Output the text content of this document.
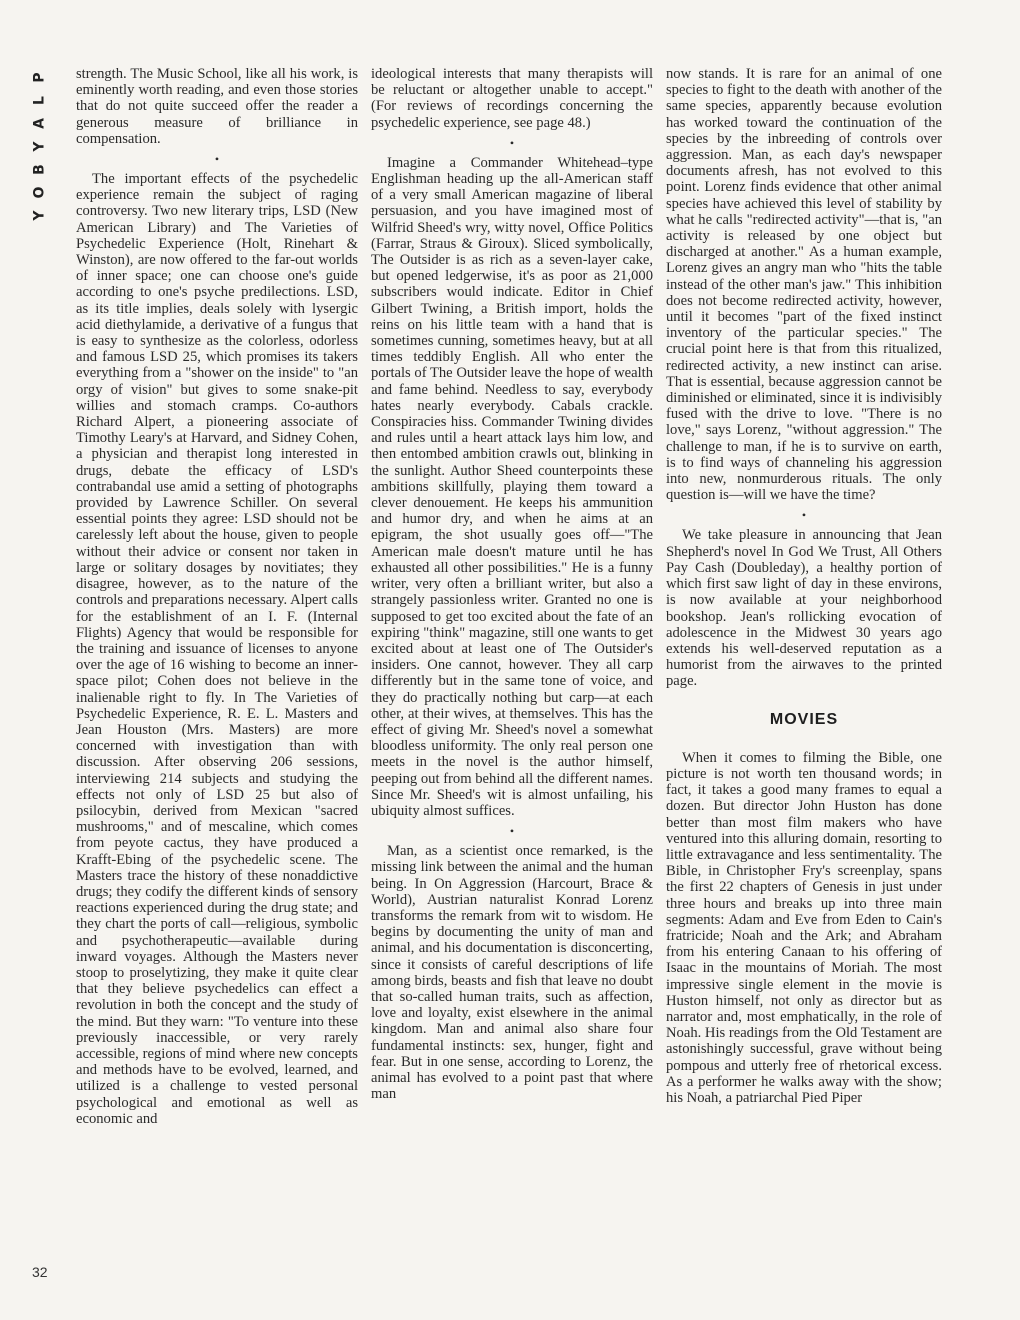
P
L
A
Y
B
O
Y

strength. The Music School, like all his work, is eminently worth reading, and even those stories that do not quite succeed offer the reader a generous measure of brilliance in compensation.

•

The important effects of the psychedelic experience remain the subject of raging controversy. Two new literary trips, LSD (New American Library) and The Varieties of Psychedelic Experience (Holt, Rinehart & Winston), are now offered to the far-out worlds of inner space; one can choose one's guide according to one's psyche predilections. LSD, as its title implies, deals solely with lysergic acid diethylamide, a derivative of a fungus that is easy to synthesize as the colorless, odorless and famous LSD 25, which promises its takers everything from a "shower on the inside" to "an orgy of vision" but gives to some snake-pit willies and stomach cramps. Co-authors Richard Alpert, a pioneering associate of Timothy Leary's at Harvard, and Sidney Cohen, a physician and therapist long interested in drugs, debate the efficacy of LSD's contrabandal use amid a setting of photographs provided by Lawrence Schiller. On several essential points they agree: LSD should not be carelessly left about the house, given to people without their advice or consent nor taken in large or solitary dosages by novitiates; they disagree, however, as to the nature of the controls and preparations necessary. Alpert calls for the establishment of an I. F. (Internal Flights) Agency that would be responsible for the training and issuance of licenses to anyone over the age of 16 wishing to become an inner-space pilot; Cohen does not believe in the inalienable right to fly. In The Varieties of Psychedelic Experience, R. E. L. Masters and Jean Houston (Mrs. Masters) are more concerned with investigation than with discussion. After observing 206 sessions, interviewing 214 subjects and studying the effects not only of LSD 25 but also of psilocybin, derived from Mexican "sacred mushrooms," and of mescaline, which comes from peyote cactus, they have produced a Krafft-Ebing of the psychedelic scene. The Masters trace the history of these nonaddictive drugs; they codify the different kinds of sensory reactions experienced during the drug state; and they chart the ports of call—religious, symbolic and psychotherapeutic—available during inward voyages. Although the Masters never stoop to proselytizing, they make it quite clear that they believe psychedelics can effect a revolution in both the concept and the study of the mind. But they warn: "To venture into these previously inaccessible, or very rarely accessible, regions of mind where new concepts and methods have to be evolved, learned, and utilized is a challenge to vested personal psychological and emotional as well as economic and

ideological interests that many therapists will be reluctant or altogether unable to accept." (For reviews of recordings concerning the psychedelic experience, see page 48.)

•

Imagine a Commander Whitehead–type Englishman heading up the all-American staff of a very small American magazine of liberal persuasion, and you have imagined most of Wilfrid Sheed's wry, witty novel, Office Politics (Farrar, Straus & Giroux). Sliced symbolically, The Outsider is as rich as a seven-layer cake, but opened ledgerwise, it's as poor as 21,000 subscribers would indicate. Editor in Chief Gilbert Twining, a British import, holds the reins on his little team with a hand that is sometimes cunning, sometimes heavy, but at all times teddibly English. All who enter the portals of The Outsider leave the hope of wealth and fame behind. Needless to say, everybody hates nearly everybody. Cabals crackle. Conspiracies hiss. Commander Twining divides and rules until a heart attack lays him low, and then entombed ambition crawls out, blinking in the sunlight. Author Sheed counterpoints these ambitions skillfully, playing them toward a clever denouement. He keeps his ammunition and humor dry, and when he aims at an epigram, the shot usually goes off—"The American male doesn't mature until he has exhausted all other possibilities." He is a funny writer, very often a brilliant writer, but also a strangely passionless writer. Granted no one is supposed to get too excited about the fate of an expiring "think" magazine, still one wants to get excited about at least one of The Outsider's insiders. One cannot, however. They all carp differently but in the same tone of voice, and they do practically nothing but carp—at each other, at their wives, at themselves. This has the effect of giving Mr. Sheed's novel a somewhat bloodless uniformity. The only real person one meets in the novel is the author himself, peeping out from behind all the different names. Since Mr. Sheed's wit is almost unfailing, his ubiquity almost suffices.

•

Man, as a scientist once remarked, is the missing link between the animal and the human being. In On Aggression (Harcourt, Brace & World), Austrian naturalist Konrad Lorenz transforms the remark from wit to wisdom. He begins by documenting the unity of man and animal, and his documentation is disconcerting, since it consists of careful descriptions of life among birds, beasts and fish that leave no doubt that so-called human traits, such as affection, love and loyalty, exist elsewhere in the animal kingdom. Man and animal also share four fundamental instincts: sex, hunger, fight and fear. But in one sense, according to Lorenz, the animal has evolved to a point past that where man

now stands. It is rare for an animal of one species to fight to the death with another of the same species, apparently because evolution has worked toward the continuation of the species by the inbreeding of controls over aggression. Man, as each day's newspaper documents afresh, has not evolved to this point. Lorenz finds evidence that other animal species have achieved this level of stability by what he calls "redirected activity"—that is, "an activity is released by one object but discharged at another." As a human example, Lorenz gives an angry man who "hits the table instead of the other man's jaw." This inhibition does not become redirected activity, however, until it becomes "part of the fixed instinct inventory of the particular species." The crucial point here is that from this ritualized, redirected activity, a new instinct can arise. That is essential, because aggression cannot be diminished or eliminated, since it is indivisibly fused with the drive to love. "There is no love," says Lorenz, "without aggression." The challenge to man, if he is to survive on earth, is to find ways of channeling his aggression into new, nonmurderous rituals. The only question is—will we have the time?

•

We take pleasure in announcing that Jean Shepherd's novel In God We Trust, All Others Pay Cash (Doubleday), a healthy portion of which first saw light of day in these environs, is now available at your neighborhood bookshop. Jean's rollicking evocation of adolescence in the Midwest 30 years ago extends his well-deserved reputation as a humorist from the airwaves to the printed page.

MOVIES

When it comes to filming the Bible, one picture is not worth ten thousand words; in fact, it takes a good many frames to equal a dozen. But director John Huston has done better than most film makers who have ventured into this alluring domain, resorting to little extravagance and less sentimentality. The Bible, in Christopher Fry's screenplay, spans the first 22 chapters of Genesis in just under three hours and breaks up into three main segments: Adam and Eve from Eden to Cain's fratricide; Noah and the Ark; and Abraham from his entering Canaan to his offering of Isaac in the mountains of Moriah. The most impressive single element in the movie is Huston himself, not only as director but as narrator and, most emphatically, in the role of Noah. His readings from the Old Testament are astonishingly successful, grave without being pompous and utterly free of rhetorical excess. As a performer he walks away with the show; his Noah, a patriarchal Pied Piper

32
